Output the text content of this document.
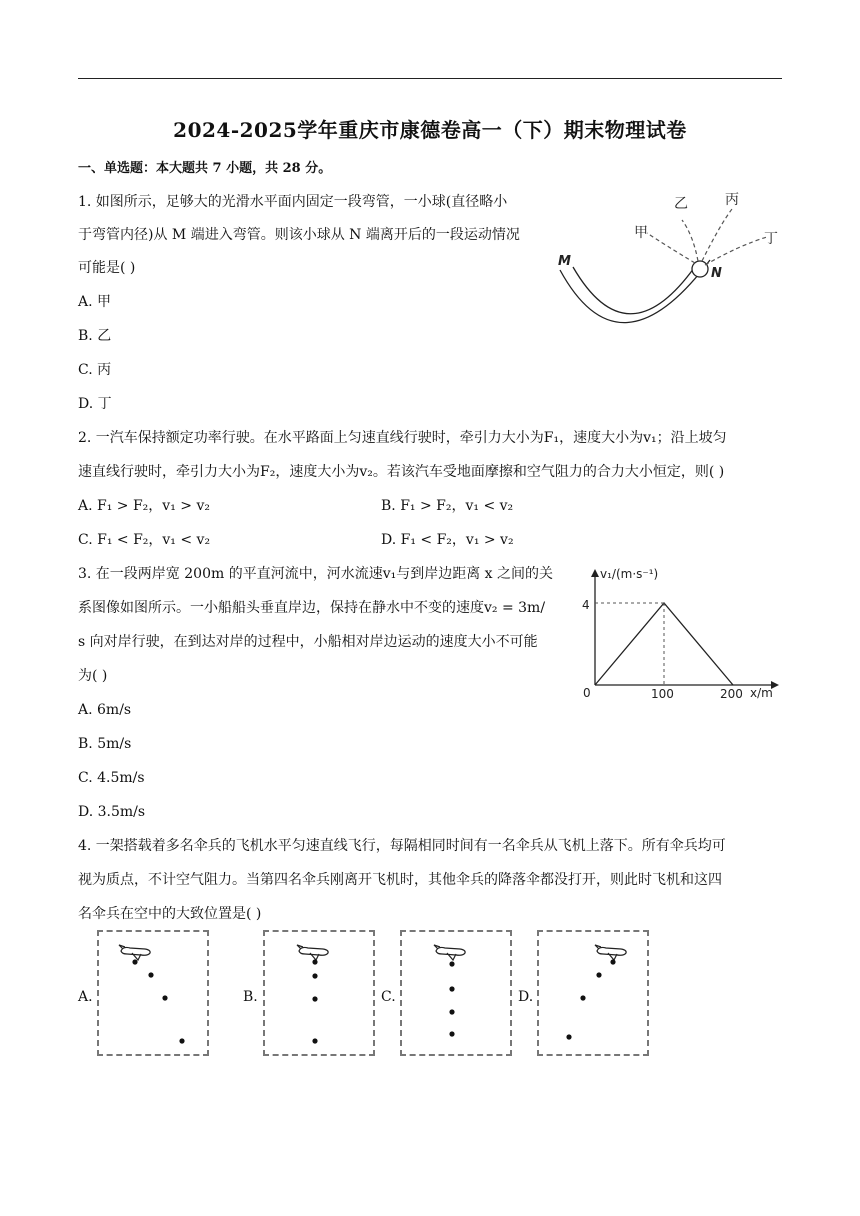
2024-2025学年重庆市康德卷高一（下）期末物理试卷
一、单选题：本大题共 7 小题，共 28 分。
1. 如图所示，足够大的光滑水平面内固定一段弯管，一小球(直径略小
于弯管内径)从 M 端进入弯管。则该小球从 N 端离开后的一段运动情况
可能是( )
A. 甲
B. 乙
C. 丙
D. 丁
甲
乙	丙
丁
M
N
2. 一汽车保持额定功率行驶。在水平路面上匀速直线行驶时，牵引力大小为F₁，速度大小为v₁；沿上坡匀
速直线行驶时，牵引力大小为F₂，速度大小为v₂。若该汽车受地面摩擦和空气阻力的合力大小恒定，则( )
A. F₁ > F₂，v₁ > v₂	B. F₁ > F₂，v₁ < v₂
C. F₁ < F₂，v₁ < v₂	D. F₁ < F₂，v₁ > v₂
3. 在一段两岸宽 200m 的平直河流中，河水流速v₁与到岸边距离 x 之间的关
系图像如图所示。一小船船头垂直岸边，保持在静水中不变的速度v₂ = 3m/
s 向对岸行驶，在到达对岸的过程中，小船相对岸边运动的速度大小不可能
为( )
A. 6m/s
B. 5m/s
C. 4.5m/s
D. 3.5m/s
v₁/(m·s⁻¹)
x/m
4
0	100	200
4. 一架搭载着多名伞兵的飞机水平匀速直线飞行，每隔相同时间有一名伞兵从飞机上落下。所有伞兵均可
视为质点，不计空气阻力。当第四名伞兵刚离开飞机时，其他伞兵的降落伞都没打开，则此时飞机和这四
名伞兵在空中的大致位置是( )
A.	B.	C.	D.
